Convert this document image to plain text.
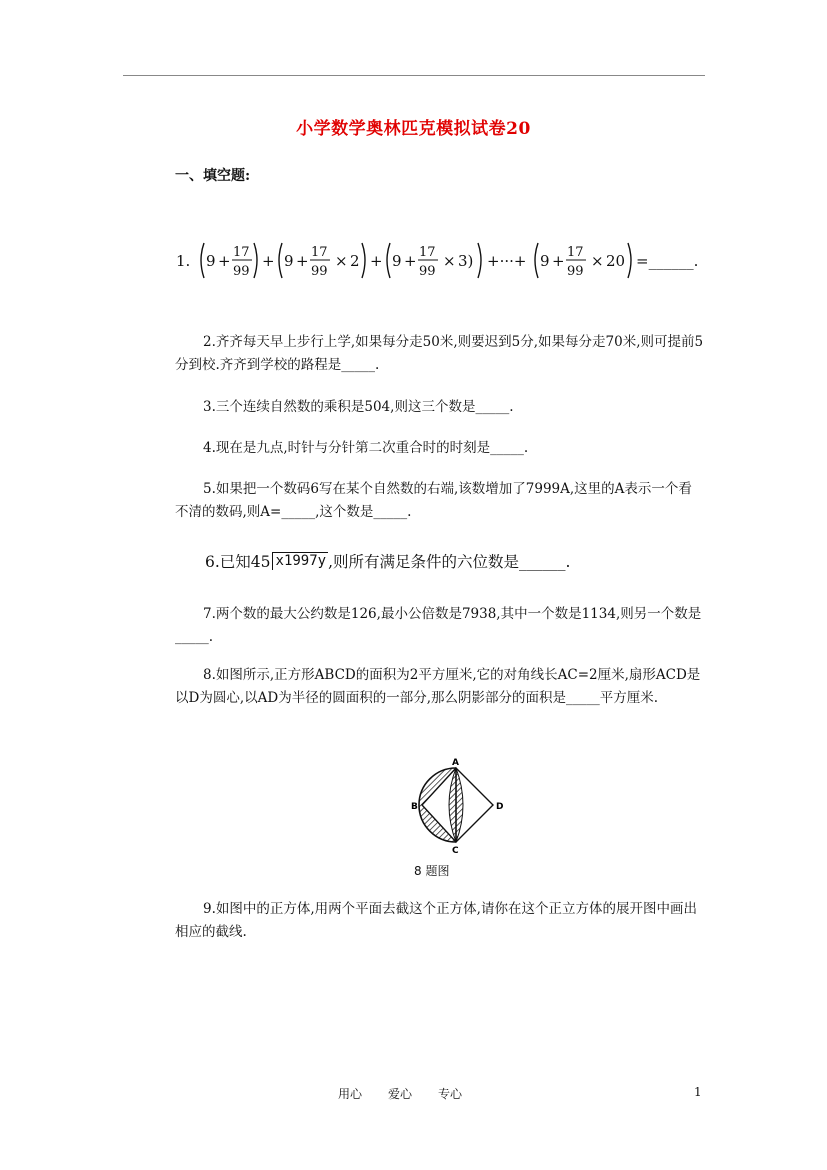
小学数学奥林匹克模拟试卷20
一、填空题:
1. 9 + 17
99
+ 9 + 17
99
× 2 + 9 + 17
99
× 3) +···+ 9 + 17
99
× 20 =______.
2.齐齐每天早上步行上学,如果每分走50米,则要迟到5分,如果每分走70米,则可提前5分到校.齐齐到学校的路程是_____.
3.三个连续自然数的乘积是504,则这三个数是_____.
4.现在是九点,时针与分针第二次重合时的时刻是_____.
5.如果把一个数码6写在某个自然数的右端,该数增加了7999A,这里的A表示一个看不清的数码,则A=_____,这个数是_____.
6.已知45 x1997y ,则所有满足条件的六位数是______.
7.两个数的最大公约数是126,最小公倍数是7938,其中一个数是1134,则另一个数是_____.
8.如图所示,正方形ABCD的面积为2平方厘米,它的对角线长AC=2厘米,扇形ACD是以D为圆心,以AD为半径的圆面积的一部分,那么阴影部分的面积是_____平方厘米.
A
B
C
D
8 题图
9.如图中的正方体,用两个平面去截这个正方体,请你在这个正立方体的展开图中画出相应的截线.
用心 爱心 专心	1
